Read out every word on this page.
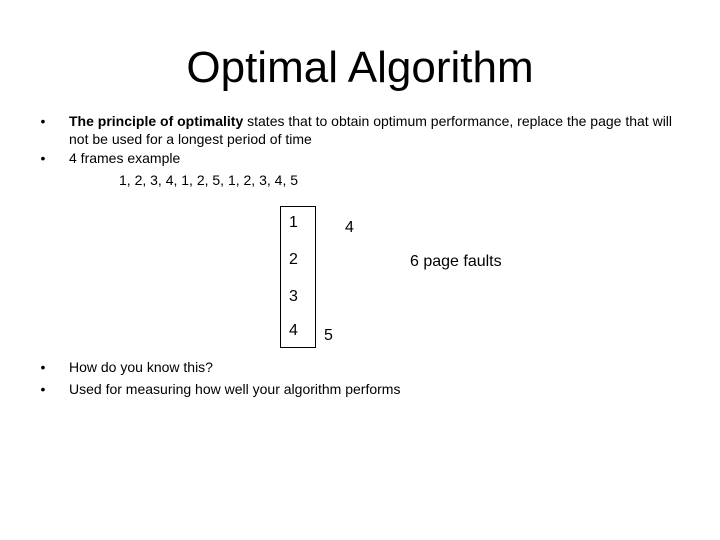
Optimal Algorithm
•	The principle of optimality states that to obtain optimum performance, replace the page that will not be used for a longest period of time
•	4 frames example
1, 2, 3, 4, 1, 2, 5, 1, 2, 3, 4, 5
1
2
3
4
4
5
6 page faults
•	How do you know this?
•	Used for measuring how well your algorithm performs
